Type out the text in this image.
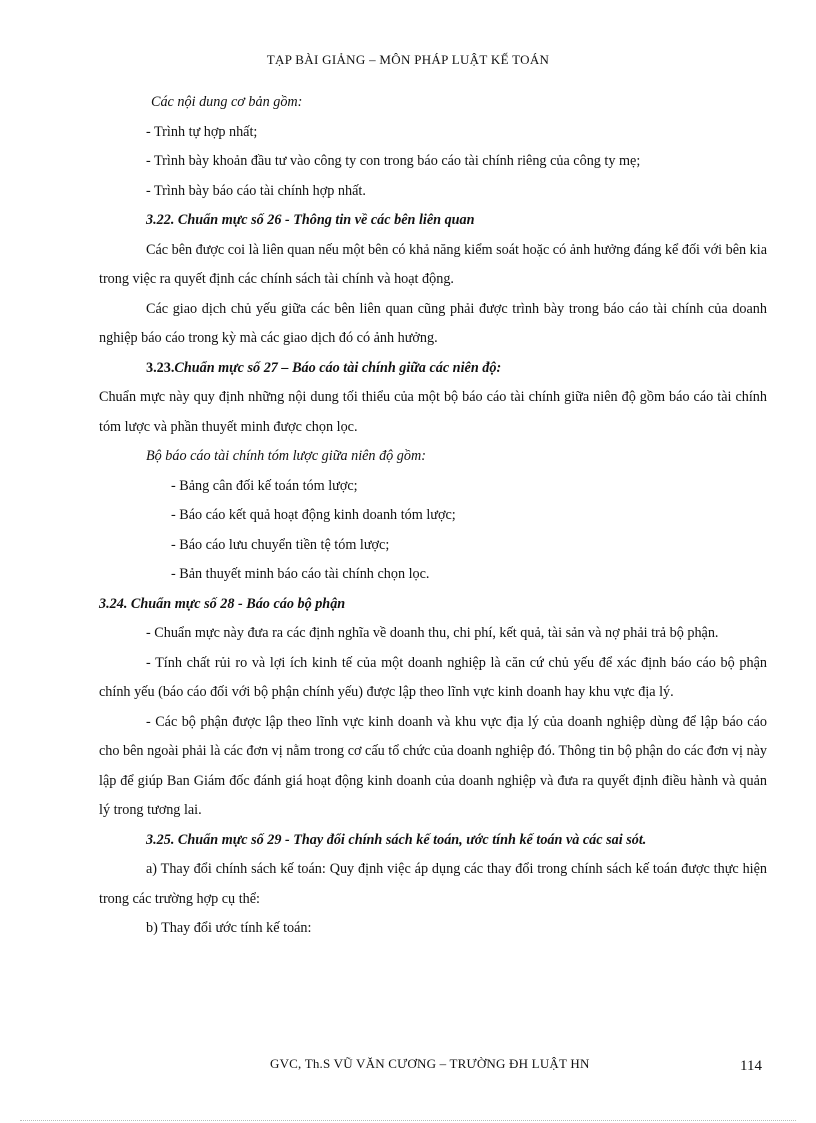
TẠP BÀI GIẢNG – MÔN PHÁP LUẬT KẾ TOÁN

Các nội dung cơ bản gồm:

- Trình tự hợp nhất;

- Trình bày khoản đầu tư vào công ty con trong báo cáo tài chính riêng của công ty mẹ;

- Trình bày báo cáo tài chính hợp nhất.

3.22. Chuẩn mực số 26 - Thông tin về các bên liên quan

Các bên được coi là liên quan nếu một bên có khả năng kiểm soát hoặc có ảnh hưởng đáng kể đối với bên kia trong việc ra quyết định các chính sách tài chính và hoạt động.

Các giao dịch chủ yếu giữa các bên liên quan cũng phải được trình bày trong báo cáo tài chính của doanh nghiệp báo cáo trong kỳ mà các giao dịch đó có ảnh hưởng.

3.23.Chuẩn mực số 27 – Báo cáo tài chính giữa các niên độ:

Chuẩn mực này quy định những nội dung tối thiểu của một bộ báo cáo tài chính giữa niên độ gồm báo cáo tài chính tóm lược và phần thuyết minh được chọn lọc.

Bộ báo cáo tài chính tóm lược giữa niên độ gồm:

- Bảng cân đối kế toán tóm lược;

- Báo cáo kết quả hoạt động kinh doanh tóm lược;

- Báo cáo lưu chuyển tiền tệ tóm lược;

- Bản thuyết minh báo cáo tài chính chọn lọc.

3.24. Chuẩn mực số 28 - Báo cáo bộ phận

- Chuẩn mực này đưa ra các định nghĩa về doanh thu, chi phí, kết quả, tài sản và nợ phải trả bộ phận.

- Tính chất rủi ro và lợi ích kinh tế của một doanh nghiệp là căn cứ chủ yếu để xác định báo cáo bộ phận chính yếu (báo cáo đối với bộ phận chính yếu) được lập theo lĩnh vực kinh doanh hay khu vực địa lý.

- Các bộ phận được lập theo lĩnh vực kinh doanh và khu vực địa lý của doanh nghiệp dùng để lập báo cáo cho bên ngoài phải là các đơn vị nằm trong cơ cấu tổ chức của doanh nghiệp đó. Thông tin bộ phận do các đơn vị này lập để giúp Ban Giám đốc đánh giá hoạt động kinh doanh của doanh nghiệp và đưa ra quyết định điều hành và quản lý trong tương lai.

3.25. Chuẩn mực số 29 - Thay đổi chính sách kế toán, ước tính kế toán và các sai sót.

a) Thay đổi chính sách kế toán: Quy định việc áp dụng các thay đổi trong chính sách kế toán được thực hiện trong các trường hợp cụ thể:

b) Thay đổi ước tính kế toán:

GVC, Th.S VŨ VĂN CƯƠNG – TRƯỜNG ĐH LUẬT HN	114
